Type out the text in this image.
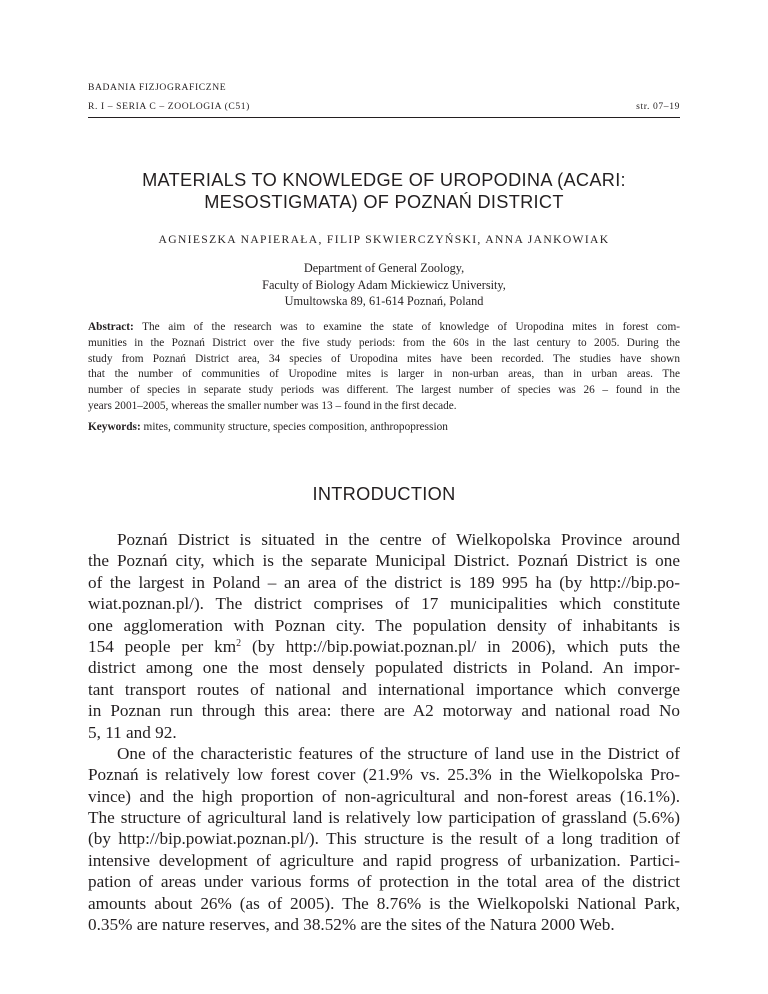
BADANIA FIZJOGRAFICZNE
R. I – SERIA C – ZOOLOGIA (C51)	str. 07–19
MATERIALS TO KNOWLEDGE OF UROPODINA (ACARI:
MESOSTIGMATA) OF POZNAŃ DISTRICT
AGNIESZKA NAPIERAŁA, FILIP SKWIERCZYŃSKI, ANNA JANKOWIAK
Department of General Zoology,
Faculty of Biology Adam Mickiewicz University,
Umultowska 89, 61-614 Poznań, Poland
Abstract: The aim of the research was to examine the state of knowledge of Uropodina mites in forest com-
munities in the Poznań District over the five study periods: from the 60s in the last century to 2005. During the
study from Poznań District area, 34 species of Uropodina mites have been recorded. The studies have shown
that the number of communities of Uropodine mites is larger in non-urban areas, than in urban areas. The
number of species in separate study periods was different. The largest number of species was 26 – found in the
years 2001–2005, whereas the smaller number was 13 – found in the first decade.
Keywords: mites, community structure, species composition, anthropopression
INTRODUCTION
Poznań District is situated in the centre of Wielkopolska Province around
the Poznań city, which is the separate Municipal District. Poznań District is one
of the largest in Poland – an area of the district is 189 995 ha (by http://bip.po-
wiat.poznan.pl/). The district comprises of 17 municipalities which constitute
one agglomeration with Poznan city. The population density of inhabitants is
154 people per $km^2$ (by http://bip.powiat.poznan.pl/ in 2006), which puts the
district among one the most densely populated districts in Poland. An impor-
tant transport routes of national and international importance which converge
in Poznan run through this area: there are A2 motorway and national road No
5, 11 and 92.
One of the characteristic features of the structure of land use in the District of
Poznań is relatively low forest cover (21.9% vs. 25.3% in the Wielkopolska Pro-
vince) and the high proportion of non-agricultural and non-forest areas (16.1%).
The structure of agricultural land is relatively low participation of grassland (5.6%)
(by http://bip.powiat.poznan.pl/). This structure is the result of a long tradition of
intensive development of agriculture and rapid progress of urbanization. Partici-
pation of areas under various forms of protection in the total area of the district
amounts about 26% (as of 2005). The 8.76% is the Wielkopolski National Park,
0.35% are nature reserves, and 38.52% are the sites of the Natura 2000 Web.
